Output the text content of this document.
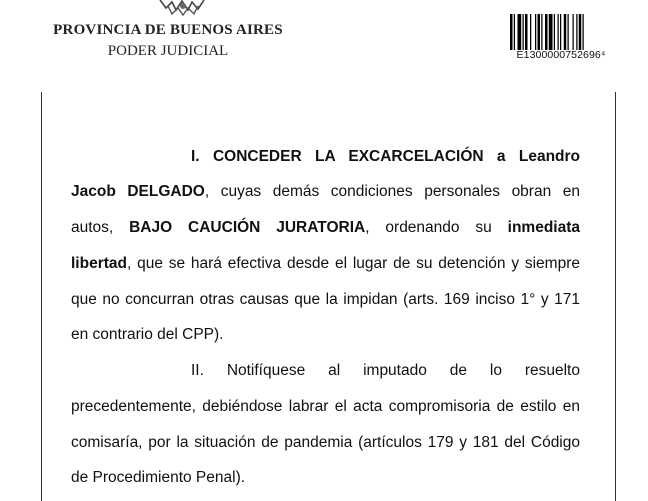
PROVINCIA DE BUENOS AIRES
PODER JUDICIAL	E1300000752696⁴
I. CONCEDER LA EXCARCELACIÓN a Leandro
Jacob DELGADO, cuyas demás condiciones personales obran en
autos, BAJO CAUCIÓN JURATORIA, ordenando su inmediata
libertad, que se hará efectiva desde el lugar de su detención y siempre
que no concurran otras causas que la impidan (arts. 169 inciso 1° y 171
en contrario del CPP).
II. Notifíquese al imputado de lo resuelto
precedentemente, debiéndose labrar el acta compromisoria de estilo en
comisaría, por la situación de pandemia (artículos 179 y 181 del Código
de Procedimiento Penal).
